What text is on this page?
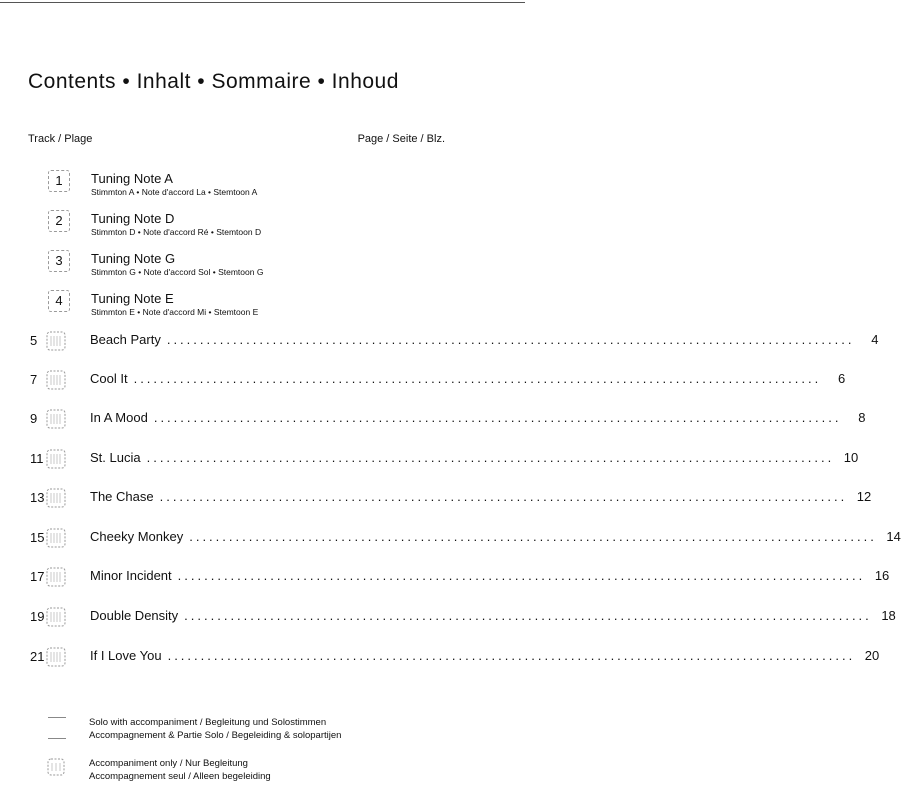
Contents • Inhalt • Sommaire • Inhoud
Track / Plage	Page / Seite / Blz.
1	Tuning Note A
Stimmton A • Note d'accord La • Stemtoon A
2	Tuning Note D
Stimmton D • Note d'accord Ré • Stemtoon D
3	Tuning Note G
Stimmton G • Note d'accord Sol • Stemtoon G
4	Tuning Note E
Stimmton E • Note d'accord Mi • Stemtoon E
5	Beach Party ........................................................................................................	4
7	Cool It ........................................................................................................	6
9	In A Mood ........................................................................................................	8
11	St. Lucia ........................................................................................................ 10
13	The Chase ........................................................................................................ 12
15	Cheeky Monkey ........................................................................................................ 14
17	Minor Incident ........................................................................................................ 16
19	Double Density ........................................................................................................ 18
21	If I Love You ........................................................................................................ 20
Solo with accompaniment / Begleitung und Solostimmen
Accompagnement & Partie Solo / Begeleiding & solopartijen
Accompaniment only / Nur Begleitung
Accompagnement seul / Alleen begeleiding
